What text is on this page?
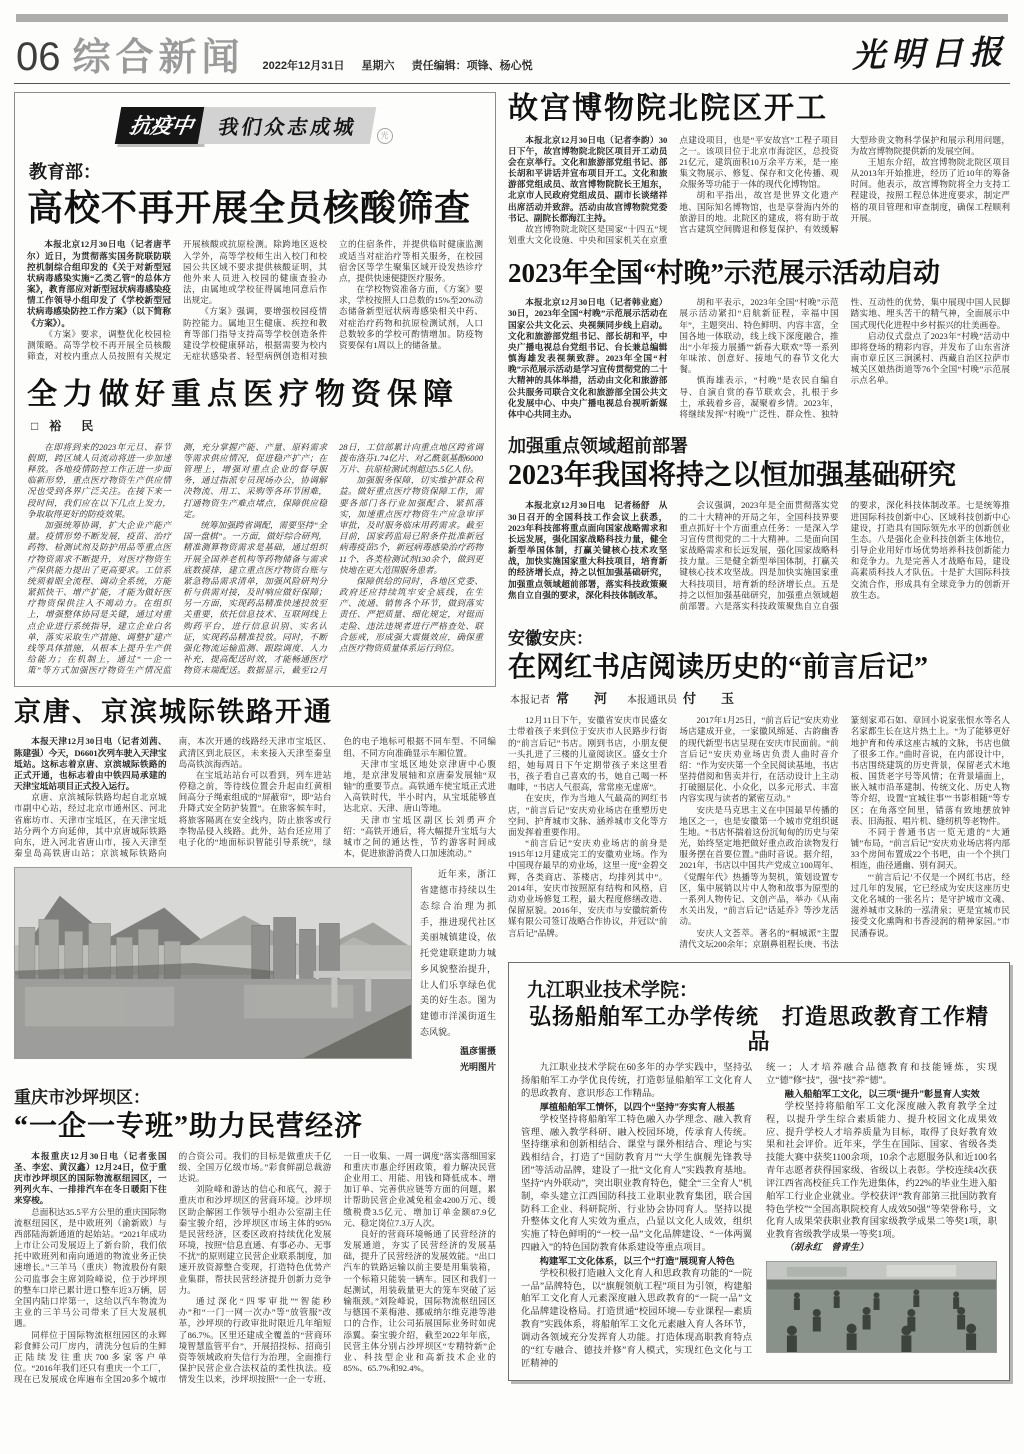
06 综合新闻 2022年12月31日 星期六 责任编辑：项锋、杨心悦	光明日报
抗疫中	我们众志成城	光
教育部：
高校不再开展全员核酸筛查

本报北京12月30日电（记者唐芊尔）近日，为贯彻落实国务院联防联控机制综合组印发的《关于对新型冠状病毒感染实施“乙类乙管”的总体方案》，教育部应对新型冠状病毒感染疫情工作领导小组印发了《学校新型冠状病毒感染防控工作方案》（以下简称《方案》）。

《方案》要求，调整优化校园检测策略。高等学校不再开展全员核酸筛查，对校内重点人员按照有关规定开展核酸或抗原检测。除跨地区返校入学外，高等学校师生出入校门和校园公共区域不要求提供核酸证明，其他外来人员进入校园的健康查验办法，由属地或学校征得属地同意后作出规定。

《方案》强调，要增强校园疫情防控能力。属地卫生健康、疾控和教育等部门指导支持高等学校创造条件建设学校健康驿站，根据需要为校内无症状感染者、轻型病例创造相对独立的住宿条件，并提供临时健康监测或适当对症治疗等相关服务，在校园宿舍区等学生聚集区域开设发热诊疗点，提供快速便捷医疗服务。

在学校物资准备方面，《方案》要求，学校按照人口总数的15%至20%动态储备新型冠状病毒感染相关中药、对症治疗药物和抗原检测试剂，人口总数较多的学校可酌情增加。防疫物资要保有1周以上的储备量。

全力做好重点医疗物资保障
□ 裕　民

在即将到来的2023年元旦、春节假期，跨区域人员流动将进一步加速释放。各地疫情防控工作正进一步面临新形势，重点医疗物资生产供应情况也受到各界广泛关注。在接下来一段时间，我们应在以下几点上发力，争取取得更好的防疫效果。

加强统筹协调，扩大企业产能产量。疫情形势不断发展，疫苗、治疗药物、检测试剂及防护用品等重点医疗物资需求不断提升，对医疗物资生产保供能力提出了更高要求。工信系统须着眼全流程、调动全系统，方能紧抓快干、增产扩能，才能为做好医疗物资保供注入不竭动力。在组织上，增强整体协同是关键，通过对重点企业进行系统指导，建立企业白名单，落实采取生产措施、调整扩建产线等具体措施，从根本上提升生产供给能力；在机制上，通过“一企一策”等方式加强医疗物资生产情况监测，充分掌握产能、产量、原料需求等需求供应情况，促进稳产扩产；在管理上，增强对重点企业的督导服务，通过指派专员现场办公，协调解决物流、用工、采购等各环节困难，打通物资生产难点堵点，保障供应稳定。

统筹加强跨省调配，需要坚持“全国一盘棋”。一方面，做好综合研判，精准测算物资需求是基础，通过组织开展全国养老机构等药物储备与需求底数摸排，建立重点医疗物资台账与紧急物品需求清单，加强风险研判分析与供需对接，及时响应做好保障；另一方面，实现药品精准快速投放至关重要，依托信息技术、互联网线上购药平台，进行信息识别、实名认证，实现药品精准投放。同时，不断强化物流运输监测、跟踪调度、人力补充，提高配送时效，才能畅通医疗物资末端配送。数据显示，截至12月28日，工信部累计向重点地区跨省调拨布洛芬1.74亿片、对乙酰氨基酚6000万片、抗原检测试剂超过5.5亿人份。

加强服务保障，切实维护群众利益。做好重点医疗物资保障工作，需要各部门各行业加强配合、紧抓落实，加速重点医疗物资生产应急审评审批，及时服务临床用药需求。截至目前，国家药监局已附条件批准新冠病毒疫苗5个，新冠病毒感染治疗药物11个、各类检测试剂130余个，做到更快地在更大范围服务患者。

保障供给的同时，各地区党委、政府还应持续筑牢安全底线，在生产、流通、销售各个环节，做到落实责任、严把质量、细化规定，对铤而走险、违法违规者进行严格查处、联合惩戒，形成强大震慑效应，确保重点医疗物资质量体系运行到位。

京唐、京滨城际铁路开通

本报天津12月30日电（记者刘茜、陈建强）今天，D6601次列车驶入天津宝坻站。这标志着京唐、京滨城际铁路的正式开通，也标志着由中铁四局承建的天津宝坻站项目正式投入运行。

京唐、京滨城际铁路均起自北京城市副中心站，经过北京市通州区、河北省廊坊市、天津市宝坻区，在天津宝坻站分两个方向延伸，其中京唐城际铁路向东，进入河北省唐山市，接入天津至秦皇岛高铁唐山站；京滨城际铁路向南，本次开通的线路经天津市宝坻区、武清区到北辰区，未来接入天津至秦皇岛高铁滨海西站。

在宝坻站站台可以看到，列车进站停稳之前，等待线位置会升起由红黄相间高分子绳索组成的“屏蔽帘”，即“站台升降式安全防护装置”。在旅客候车时，将旅客隔离在安全线内，防止旅客或行李物品侵入线路。此外，站台还应用了电子化的“地面标识智能引导系统”，绿色的电子地标可根据不同车型、不同编组、不同方向准确显示车厢位置。

天津市宝坻区地处京津唐中心腹地，是京津发展轴和京唐秦发展轴“双轴”的重要节点。高铁通车使宝坻正式进入高铁时代，半小时内，从宝坻能够直达北京、天津、唐山等地。

天津市宝坻区副区长刘勇声介绍：“高铁开通后，将大幅提升宝坻与大城市之间的通达性，节约游客时间成本，促进旅游消费人口加速流动。”

近年来，浙江省建德市持续以生态综合治理为抓手，推进现代社区美丽城镇建设，依托党建联建助力城乡风貌整治提升，让人们乐享绿色优美的好生态。图为建德市洋溪街道生态风貌。
温彦雷摄
光明图片
重庆市沙坪坝区：
“一企一专班”助力民营经济

本报重庆12月30日电（记者张国圣、李宏、黄汉鑫）12月24日，位于重庆市沙坪坝区的国际物流枢纽园区，一列列火车、一排排汽车在冬日暖阳下往来穿梭。

总面积达35.5平方公里的重庆国际物流枢纽园区，是中欧班列（渝新欧）与西部陆海新通道的起始站。“2021年成功上市让公司发展迈上了新台阶，我们依托中欧班列和南向通道的物流业务正快速增长。”三羊马（重庆）物流股份有限公司监事会主席刘险峰说，位于沙坪坝的整车口岸已累计进口整车近3万辆，居全国内陆口岸第一，这给以汽车物流为主业的三羊马公司带来了巨大发展机遇。

同样位于国际物流枢纽园区的永辉彩食鲜公司厂房内，清洗分包后的生鲜正陆续发往重庆700多家客户单位。“2016年我们还只有重庆一个工厂，现在已发展成仓库遍布全国20多个城市的合资公司。我们的目标是做重庆千亿级、全国万亿级市场。”彩食鲜副总裁游达说。

刘险峰和游达的信心和底气，源于重庆市和沙坪坝区的营商环境。沙坪坝区助企解困工作领导小组办公室副主任秦宝骏介绍，沙坪坝区市场主体的95%是民营经济，区委区政府持续优化发展环境，按照“信息直通、有事必办、无事不扰”的原则建立民营企业联系制度，加速开放资源整合变现，打造特色优势产业集群，帮扶民营经济提升创新力竞争力。

通过深化“四零审批”“智能秒办”和“一门一网一次办”等“放管服”改革，沙坪坝的行政审批时限近几年缩短了86.7%。区里还建成全覆盖的“营商环境智慧监管平台”，开展招投标、招商引资等领域政府失信行为治理，全面推行保护民营企业合法权益的柔性执法。疫情发生以来，沙坪坝按照“一企一专班、一日一收集、一周一调度”落实落细国家和重庆市惠企纾困政策，着力解决民营企业用工、用能、用钱和降低成本、增加订单、完善供应链等方面的问题，累计帮助民营企业减免租金4200万元、缓缴税费3.5亿元、增加订单金额87.9亿元、稳定岗位7.3万人次。

良好的营商环境畅通了民营经济的发展通道，夯实了民营经济的发展基础，提升了民营经济的发展效能。“出口汽车的铁路运输以前主要是用集装箱，一个标箱只能装一辆车。园区和我们一起测试，用装载量更大的笼车突破了运输瓶颈。”刘险峰说，国际物流枢纽园区与德国不莱梅港、挪威纳尔维克港等港口的合作，让公司拓展国际业务时如虎添翼。秦宝骏介绍，截至2022年年底，民营主体分别占沙坪坝区“专精特新”企业、科技型企业和高新技术企业的85%、65.7%和92.4%。

故宫博物院北院区开工

本报北京12月30日电（记者李韵）30日下午，故宫博物院北院区项目开工动员会在京举行。文化和旅游部党组书记、部长胡和平讲话并宣布项目开工。文化和旅游部党组成员、故宫博物院院长王旭东，北京市人民政府党组成员、副市长谈绪祥出席活动并致辞。活动由故宫博物院党委书记、副院长都海江主持。

故宫博物院北院区是国家“十四五”规划重大文化设施、中央和国家机关在京重点建设项目，也是“平安故宫”工程子项目之一。该项目位于北京市海淀区，总投资21亿元，建筑面积10万余平方米，是一座集文物展示、修复、保存和文化传播、观众服务等功能于一体的现代化博物馆。

胡和平指出，故宫是世界文化遗产地、国际知名博物馆，也是享誉海内外的旅游目的地。北院区的建成，将有助于故宫古建筑空间腾退和修复保护、有效缓解大型珍贵文物科学保护和展示利用问题，为故宫博物院提供新的发展空间。

王旭东介绍，故宫博物院北院区项目从2013年开始推进，经历了近10年的筹备时间。他表示，故宫博物院将全力支持工程建设，按照工程总体进度要求，制定严格的项目管理和审查制度，确保工程顺利开展。

2023年全国“村晚”示范展示活动启动

本报北京12月30日电（记者韩业庭）30日，2023年全国“村晚”示范展示活动在国家公共文化云、央视频同步线上启动。文化和旅游部党组书记、部长胡和平，中央广播电视总台党组书记、台长兼总编辑慎海雄发表视频致辞。2023年全国“村晚”示范展示活动是学习宣传贯彻党的二十大精神的具体举措，活动由文化和旅游部公共服务司联合文化和旅游部全国公共文化发展中心、中央广播电视总台视听新媒体中心共同主办。

胡和平表示，2023年全国“村晚”示范展示活动紧扣“启航新征程，幸福中国年”，主题突出、特色鲜明、内容丰富，全国各地一体联动，线上线下深度融合，推出“小年接力展播”“新春大联欢”等一系列年味浓、创意好、接地气的春节文化大餐。

慎海雄表示，“村晚”是农民自编自导、自演自赏的春节联欢会，扎根于乡土，承载着乡音，凝聚着乡情。2023年，将继续发挥“村晚”广泛性、群众性、独特性、互动性的优势，集中展现中国人民脚踏实地、埋头苦干的精气神，全面展示中国式现代化进程中乡村振兴的壮美画卷。

启动仪式盘点了2023年“村晚”活动中即将登场的精彩内容，并发布了山东省济南市章丘区三涧溪村、西藏自治区拉萨市城关区娘热街道等76个全国“村晚”示范展示点名单。

加强重点领域超前部署
2023年我国将持之以恒加强基础研究

本报北京12月30日电　记者杨舒　从30日召开的全国科技工作会议上获悉，2023年科技部将重点面向国家战略需求和长远发展，强化国家战略科技力量，健全新型举国体制，打赢关键核心技术攻坚战，加快实施国家重大科技项目，培育新的经济增长点，持之以恒加强基础研究，加强重点领域超前部署，落实科技政策聚焦自立自强的要求，深化科技体制改革。

会议强调，2023年是全面贯彻落实党的二十大精神的开局之年，全国科技界要重点抓好十个方面重点任务：一是深入学习宣传贯彻党的二十大精神。二是面向国家战略需求和长远发展，强化国家战略科技力量。三是健全新型举国体制，打赢关键核心技术攻坚战。四是加快实施国家重大科技项目，培育新的经济增长点。五是持之以恒加强基础研究，加强重点领域超前部署。六是落实科技政策聚焦自立自强的要求，深化科技体制改革。七是统筹推进国际科技创新中心、区域科技创新中心建设，打造具有国际领先水平的创新创业生态。八是强化企业科技创新主体地位，引导企业用好市场优势培养科技创新能力和竞争力。九是完善人才战略布局，建设高素质科技人才队伍。十是扩大国际科技交流合作，形成具有全球竞争力的创新开放生态。

安徽安庆：
在网红书店阅读历史的“前言后记”
本报记者 常　河 本报通讯员 付　玉

12月11日下午，安徽省安庆市民盛女士带着孩子来到位于安庆市人民路步行街的“前言后记”书店。刚到书店，小朋友便一头扎进了三楼的儿童阅读区。盛女士介绍，她每周日下午定期带孩子来这里看书，孩子看自己喜欢的书，她自己喝一杯咖啡，“书店人气很高，常常座无虚席”。

在安庆，作为当地人气最高的网红书店，“前言后记”安庆劝业场店在重塑历史空间、护育城市文脉、涵养城市文化等方面发挥着重要作用。

“前言后记”安庆劝业场店的前身是1915年12月建成完工的安徽劝业场。作为中国现存最早的劝业场，这里一度“金碧交辉，各类商店、茶楼店，均排列其中”。2014年，安庆市按照原有结构和风格，启动劝业场修复工程，最大程度修缮改造、保留原貌。2016年，安庆市与安徽皖新传媒有限公司签订战略合作协议，并冠以“前言后记”品牌。

2017年1月25日，“前言后记”安庆劝业场店建成开业，一家徽风绵延、古韵幽香的现代新型书店呈现在安庆市民面前。“前言后记”安庆劝业场店负责人曲时音介绍：“作为安庆第一个全民阅读基地，书店坚持借阅和售卖并行，在活动设计上主动打破圈层化、小众化，以多元形式、丰富内容实现与读者的紧密互动。”

安庆是马克思主义在中国最早传播的地区之一，也是安徽第一个城市党组织诞生地。“书店怀揣着这份沉甸甸的历史与荣光，始终坚定地把做好重点政治读物发行服务摆在首要位置。”曲时音说。据介绍，2021年，书店以中国共产党成立100周年、《觉醒年代》热播等为契机，策划设置专区，集中展销以片中人物和故事为原型的一系列人物传记、文创产品，举办《从南水关出发，“前言后记”话延乔》等沙龙活动。

安庆人文荟萃。著名的“桐城派”主盟清代文坛200余年；京剧鼻祖程长庚、书法篆刻家邓石如、章回小说家张恨水等名人名家都生长在这片热土上。“为了能够更好地护育和传承这座古城的文脉，书店也做了很多工作。”曲时音说，在内部设计中，书店围绕建筑的历史背景，保留老式木地板、国货老字号等风情；在背景墙面上，嵌入城市沿革建制、传统文化、历史人物等介绍，设置“宜城往事”“书影相随”等专区；在角落空间里，错落有致地摆放钟表、旧海报、唱片机、缝纫机等老物件。

不同于普通书店一览无遗的“大通铺”布局，“前言后记”安庆劝业场店将内部33个房间布置成22个书吧，由一个个拱门相连，曲径通幽、别有洞天。

“‘前言后记’不仅是一个网红书店，经过几年的发展，它已经成为安庆这座历史文化名城的一张名片；是守护城市文魂、滋养城市文脉的一泓清泉；更是宜城市民接受文化熏陶和书香浸润的精神家园。”市民潘春说。

九江职业技术学院：
弘扬船舶军工办学传统　打造思政教育工作精品

九江职业技术学院在60多年的办学实践中，坚持弘扬船舶军工办学优良传统，打造彰显船舶军工文化育人的思政教育、意识形态工作精品。

厚植船舶军工情怀，以四个“坚持”夯实育人根基

学校坚持将船舶军工特色融入办学理念、融入教育管理、融入教学科研、融入校园环境，传承育人传统。坚持继承和创新相结合、课堂与课外相结合、理论与实践相结合，打造了“国防教育月”“大学生旗舰先锋教导团”等活动品牌，建设了一批“文化育人”实践教育基地。坚持“内外联动”，突出职业教育特色，健全“三全育人”机制，牵头建立江西国防科技工业职业教育集团，联合国防科工企业、科研院所、行业协会协同育人。坚持以提升整体文化育人实效为重点，凸显以文化人成效，组织实施了特色鲜明的“一校一品”文化品牌建设、“一体两翼四融入”的特色国防教育体系建设等重点项目。

构建军工文化体系，以三个“打造”展现育人特色

学校积极打造融入文化育人和思政教育功能的“一院一品”品牌特色，以“旗舰领航工程”项目为引领，构建船舶军工文化育人元素深度融入思政教育的“一院一品”文化品牌建设格局。打造贯通“校园环境—专业课程—素质教育”实践体系，将船舶军工文化元素融入育人各环节，调动各领域充分发挥育人功能。打造体现高职教育特点的“红专融合、德技并修”育人模式，实现红色文化与工匠精神的

统一；人才培养融合品德教育和技能锤炼，实现立“德”修“技”，强“技”养“德”。

融入船舶军工文化，以三项“提升”彰显育人实效

学校坚持将船舶军工文化深度融入教育教学全过程，以提升学生综合素质能力、提升校园文化成果效应、提升学校人才培养质量为目标，取得了良好教育效果和社会评价。近年来，学生在国际、国家、省级各类技能大赛中获奖1100余项，10余个志愿服务队和近100名青年志愿者获得国家级、省级以上表彰。学校连续4次获评江西省高校征兵工作先进集体，约22%的毕业生进入船舶军工行业企业就业。学校获评“教育部第三批国防教育特色学校”“全国高职院校育人成效50强”等荣誉称号，文化育人成果荣获职业教育国家级教学成果二等奖1项，职业教育省级教学成果一等奖1项。

（胡永红　曾青生）
